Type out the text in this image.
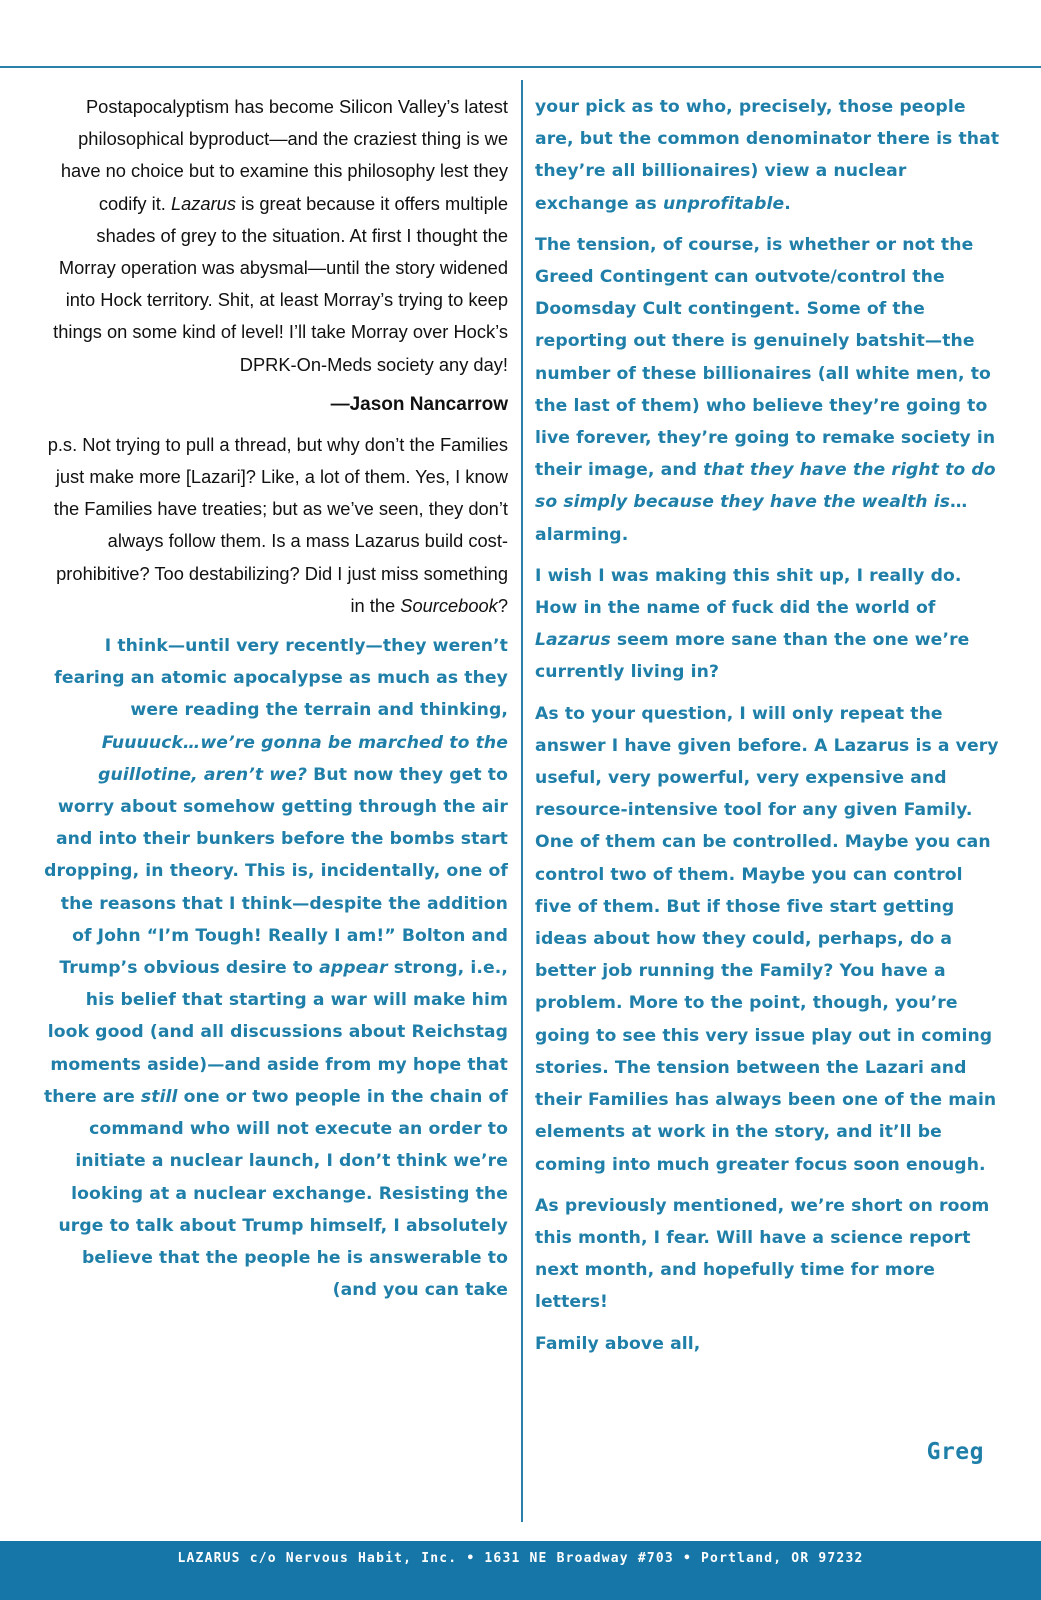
Postapocalyptism has become Silicon Valley’s latest philosophical byproduct—and the craziest thing is we have no choice but to examine this philosophy lest they codify it. Lazarus is great because it offers multiple shades of grey to the situation. At first I thought the Morray operation was abysmal—until the story widened into Hock territory. Shit, at least Morray’s trying to keep things on some kind of level! I’ll take Morray over Hock’s DPRK-On-Meds society any day!

—Jason Nancarrow

p.s. Not trying to pull a thread, but why don’t the Families just make more [Lazari]? Like, a lot of them. Yes, I know the Families have treaties; but as we’ve seen, they don’t always follow them. Is a mass Lazarus build cost-prohibitive? Too destabilizing? Did I just miss something in the Sourcebook?

I think—until very recently—they weren’t fearing an atomic apocalypse as much as they were reading the terrain and thinking, Fuuuuck…we’re gonna be marched to the guillotine, aren’t we? But now they get to worry about somehow getting through the air and into their bunkers before the bombs start dropping, in theory. This is, incidentally, one of the reasons that I think—despite the addition of John “I’m Tough! Really I am!” Bolton and Trump’s obvious desire to appear strong, i.e., his belief that starting a war will make him look good (and all discussions about Reichstag moments aside)—and aside from my hope that there are still one or two people in the chain of command who will not execute an order to initiate a nuclear launch, I don’t think we’re looking at a nuclear exchange. Resisting the urge to talk about Trump himself, I absolutely believe that the people he is answerable to (and you can take

your pick as to who, precisely, those people are, but the common denominator there is that they’re all billionaires) view a nuclear exchange as unprofitable.

The tension, of course, is whether or not the Greed Contingent can outvote/control the Doomsday Cult contingent. Some of the reporting out there is genuinely batshit—the number of these billionaires (all white men, to the last of them) who believe they’re going to live forever, they’re going to remake society in their image, and that they have the right to do so simply because they have the wealth is…alarming.

I wish I was making this shit up, I really do. How in the name of fuck did the world of Lazarus seem more sane than the one we’re currently living in?

As to your question, I will only repeat the answer I have given before. A Lazarus is a very useful, very powerful, very expensive and resource-intensive tool for any given Family. One of them can be controlled. Maybe you can control two of them. Maybe you can control five of them. But if those five start getting ideas about how they could, perhaps, do a better job running the Family? You have a problem. More to the point, though, you’re going to see this very issue play out in coming stories. The tension between the Lazari and their Families has always been one of the main elements at work in the story, and it’ll be coming into much greater focus soon enough.

As previously mentioned, we’re short on room this month, I fear. Will have a science report next month, and hopefully time for more letters!

Family above all,

Greg
LAZARUS c/o Nervous Habit, Inc. • 1631 NE Broadway #703 • Portland, OR 97232
